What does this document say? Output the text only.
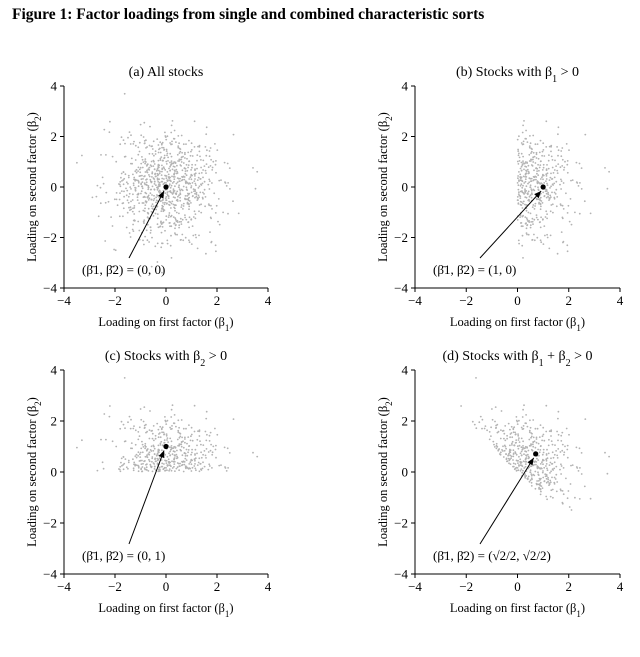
Figure 1: Factor loadings from single and combined characteristic sorts
(a) All stocks
−4	−2	0	2	4
4
2
0
−2
−4
Loading on first factor $(\beta_1)$
Loading on second factor $(\beta_2)$
(β̄1, β̄2) = (0, 0)
(b) Stocks with $\beta_1 > 0$
−4	−2	0	2	4
4
2
0
−2
−4
Loading on first factor $(\beta_1)$
Loading on second factor $(\beta_2)$
(β̄1, β̄2) = (1, 0)
(c) Stocks with $\beta_2 > 0$
−4	−2	0	2	4
4
2
0
−2
−4
Loading on first factor $(\beta_1)$
Loading on second factor $(\beta_2)$
(β̄1, β̄2) = (0, 1)
(d) Stocks with $\beta_1 + \beta_2 > 0$
−4	−2	0	2	4
4
2
0
−2
−4
Loading on first factor $(\beta_1)$
Loading on second factor $(\beta_2)$
(β̄1, β̄2) = (√2/2, √2/2)
